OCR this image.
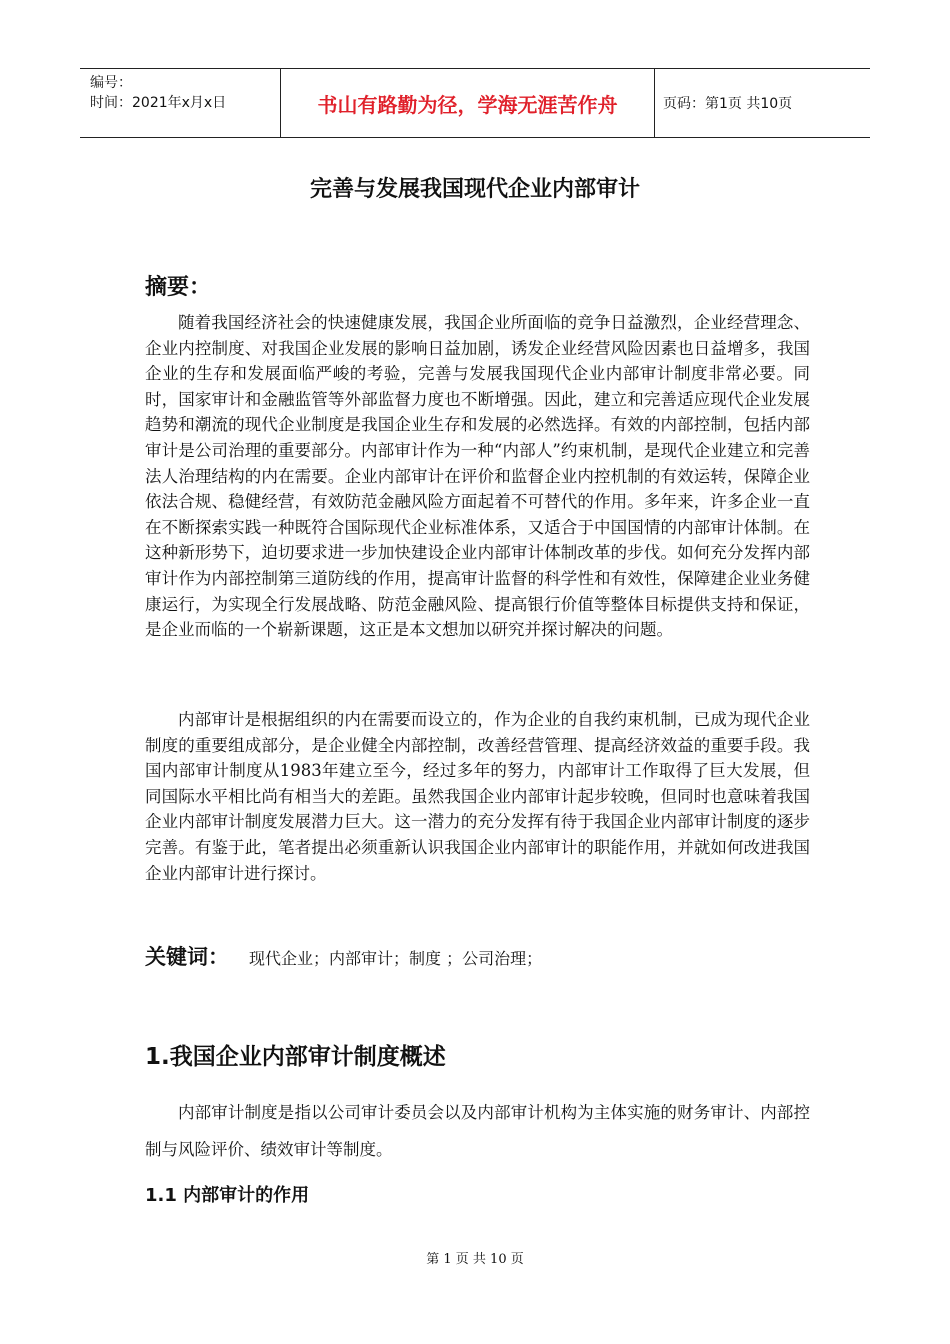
编号：
时间：2021年x月x日	书山有路勤为径，学海无涯苦作舟	页码：第1页 共10页
完善与发展我国现代企业内部审计
摘要：

随着我国经济社会的快速健康发展，我国企业所面临的竞争日益激烈，企业经营理念、企业内控制度、对我国企业发展的影响日益加剧，诱发企业经营风险因素也日益增多，我国企业的生存和发展面临严峻的考验，完善与发展我国现代企业内部审计制度非常必要。同时，国家审计和金融监管等外部监督力度也不断增强。因此，建立和完善适应现代企业发展趋势和潮流的现代企业制度是我国企业生存和发展的必然选择。有效的内部控制，包括内部审计是公司治理的重要部分。内部审计作为一种“内部人”约束机制，是现代企业建立和完善法人治理结构的内在需要。企业内部审计在评价和监督企业内控机制的有效运转，保障企业依法合规、稳健经营，有效防范金融风险方面起着不可替代的作用。多年来，许多企业一直在不断探索实践一种既符合国际现代企业标准体系，又适合于中国国情的内部审计体制。在这种新形势下，迫切要求进一步加快建设企业内部审计体制改革的步伐。如何充分发挥内部审计作为内部控制第三道防线的作用，提高审计监督的科学性和有效性，保障建企业业务健康运行，为实现全行发展战略、防范金融风险、提高银行价值等整体目标提供支持和保证，是企业而临的一个崭新课题，这正是本文想加以研究并探讨解决的问题。

内部审计是根据组织的内在需要而设立的，作为企业的自我约束机制，已成为现代企业制度的重要组成部分，是企业健全内部控制，改善经营管理、提高经济效益的重要手段。我国内部审计制度从1983年建立至今，经过多年的努力，内部审计工作取得了巨大发展，但同国际水平相比尚有相当大的差距。虽然我国企业内部审计起步较晚，但同时也意味着我国企业内部审计制度发展潜力巨大。这一潜力的充分发挥有待于我国企业内部审计制度的逐步完善。有鉴于此，笔者提出必须重新认识我国企业内部审计的职能作用，并就如何改进我国企业内部审计进行探讨。

关键词： 现代企业；内部审计；制度 ；公司治理；
1.我国企业内部审计制度概述

内部审计制度是指以公司审计委员会以及内部审计机构为主体实施的财务审计、内部控制与风险评价、绩效审计等制度。

1.1 内部审计的作用
第 1 页 共 10 页
